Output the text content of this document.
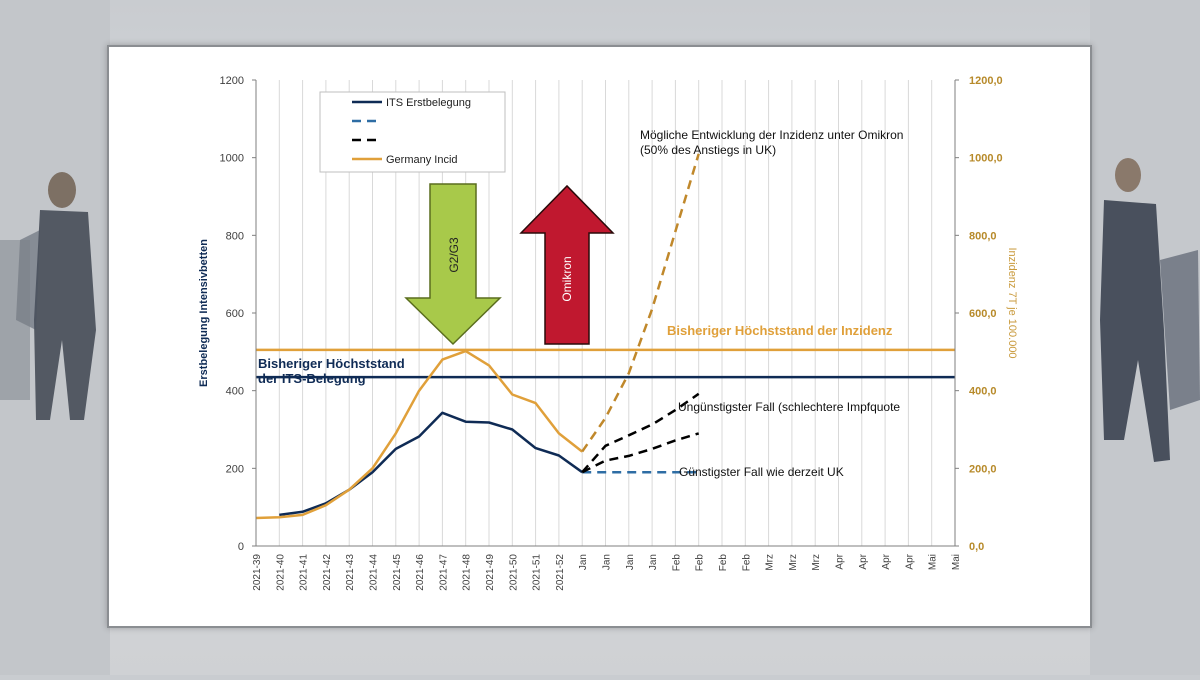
G2/G3
Omikron
0
200
400
600
800
1000
1200
0,0
200,0
400,0
600,0
800,0
1000,0
1200,0
2021-39 2021-40 2021-41 2021-42 2021-43 2021-44 2021-45 2021-46 2021-47 2021-48 2021-49 2021-50 2021-51 2021-52 Jan Jan Jan Jan Feb Feb Feb Feb Mrz Mrz Mrz Apr Apr Apr Apr Mai Mai
Erstbelegung Intensivbetten	Inzidenz 7T je 100.000
Bisheriger Höchststand der Inzidenz
Bisheriger Höchststand
der ITS-Belegung
Mögliche Entwicklung der Inzidenz unter Omikron
(50% des Anstiegs in UK)
Ungünstigster Fall (schlechtere Impfquote
Günstigster Fall wie derzeit UK
ITS Erstbelegung
Germany Incid
